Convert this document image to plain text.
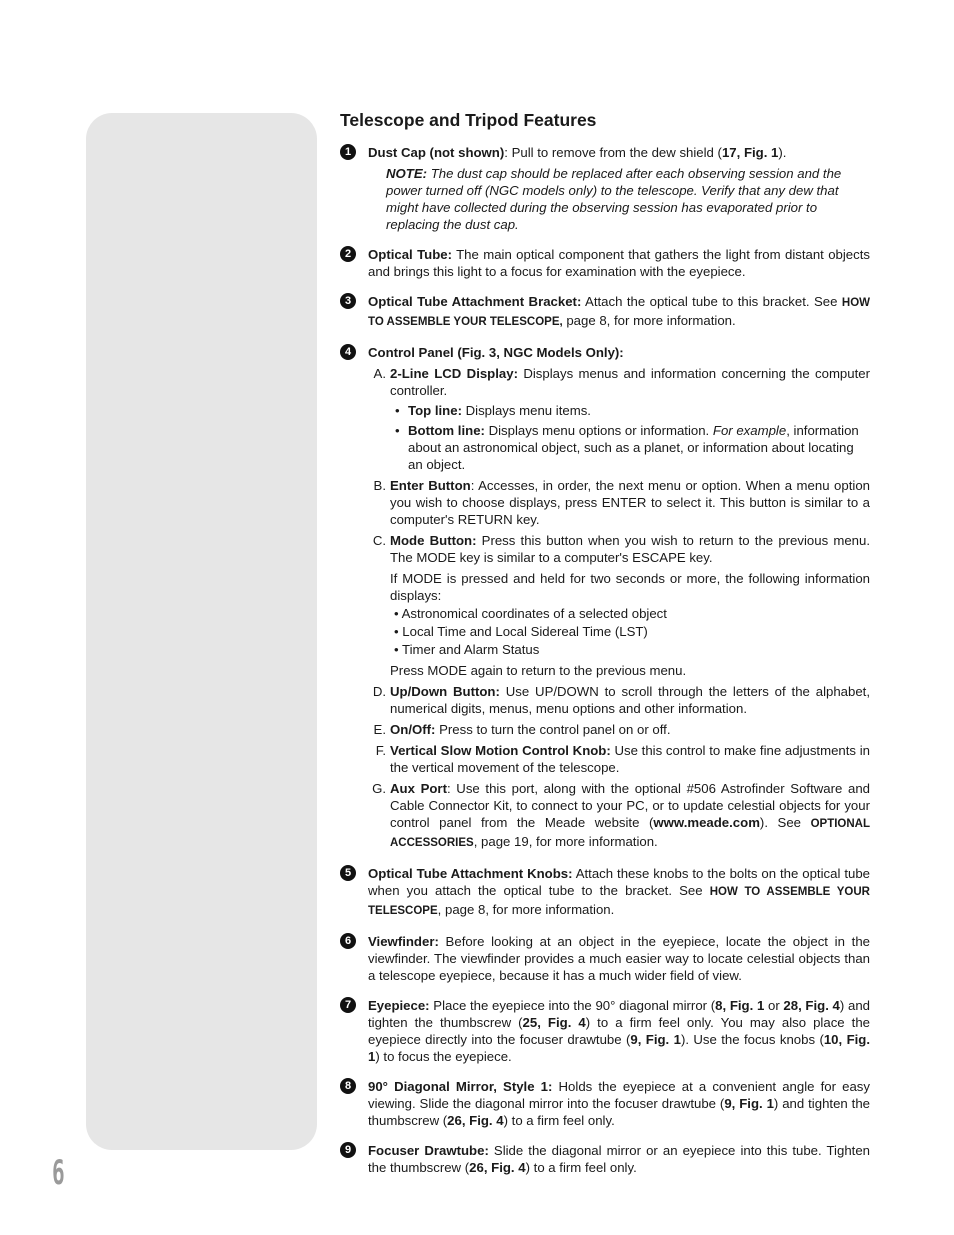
6
Telescope and Tripod Features
1	Dust Cap (not shown): Pull to remove from the dew shield (17, Fig. 1).
NOTE: The dust cap should be replaced after each observing session and the power turned off (NGC models only) to the telescope. Verify that any dew that might have collected during the observing session has evaporated prior to replacing the dust cap.
2	Optical Tube: The main optical component that gathers the light from distant objects and brings this light to a focus for examination with the eyepiece.
3	Optical Tube Attachment Bracket: Attach the optical tube to this bracket. See HOW TO ASSEMBLE YOUR TELESCOPE, page 8, for more information.
4	Control Panel (Fig. 3, NGC Models Only):
A. 2-Line LCD Display: Displays menus and information concerning the computer controller.
• Top line: Displays menu items.
• Bottom line: Displays menu options or information. For example, information about an astronomical object, such as a planet, or information about locating an object.
B. Enter Button: Accesses, in order, the next menu or option. When a menu option you wish to choose displays, press ENTER to select it. This button is similar to a computer's RETURN key.
C. Mode Button: Press this button when you wish to return to the previous menu. The MODE key is similar to a computer's ESCAPE key.
If MODE is pressed and held for two seconds or more, the following information displays:
• Astronomical coordinates of a selected object
• Local Time and Local Sidereal Time (LST)
• Timer and Alarm Status
Press MODE again to return to the previous menu.
D. Up/Down Button: Use UP/DOWN to scroll through the letters of the alphabet, numerical digits, menus, menu options and other information.
E. On/Off: Press to turn the control panel on or off.
F. Vertical Slow Motion Control Knob: Use this control to make fine adjustments in the vertical movement of the telescope.
G. Aux Port: Use this port, along with the optional #506 Astrofinder Software and Cable Connector Kit, to connect to your PC, or to update celestial objects for your control panel from the Meade website (www.meade.com). See OPTIONAL ACCESSORIES, page 19, for more information.
5	Optical Tube Attachment Knobs: Attach these knobs to the bolts on the optical tube when you attach the optical tube to the bracket. See HOW TO ASSEMBLE YOUR TELESCOPE, page 8, for more information.
6	Viewfinder: Before looking at an object in the eyepiece, locate the object in the viewfinder. The viewfinder provides a much easier way to locate celestial objects than a telescope eyepiece, because it has a much wider field of view.
7	Eyepiece: Place the eyepiece into the 90° diagonal mirror (8, Fig. 1 or 28, Fig. 4) and tighten the thumbscrew (25, Fig. 4) to a firm feel only. You may also place the eyepiece directly into the focuser drawtube (9, Fig. 1). Use the focus knobs (10, Fig. 1) to focus the eyepiece.
8	90° Diagonal Mirror, Style 1: Holds the eyepiece at a convenient angle for easy viewing. Slide the diagonal mirror into the focuser drawtube (9, Fig. 1) and tighten the thumbscrew (26, Fig. 4) to a firm feel only.
9	Focuser Drawtube: Slide the diagonal mirror or an eyepiece into this tube. Tighten the thumbscrew (26, Fig. 4) to a firm feel only.
